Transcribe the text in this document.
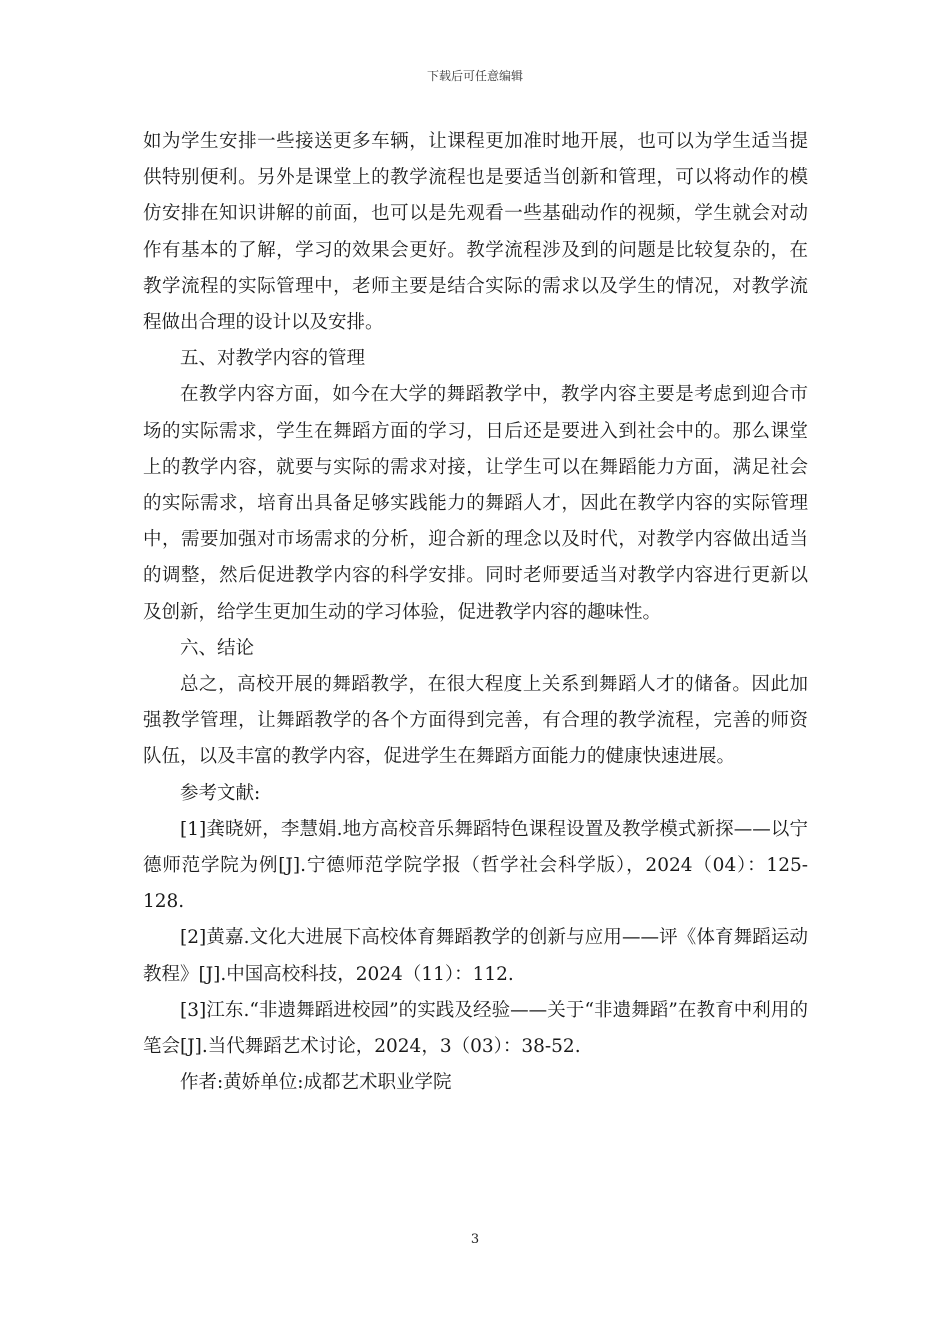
下载后可任意编辑

如为学生安排一些接送更多车辆，让课程更加准时地开展，也可以为学生适当提供特别便利。另外是课堂上的教学流程也是要适当创新和管理，可以将动作的模仿安排在知识讲解的前面，也可以是先观看一些基础动作的视频，学生就会对动作有基本的了解，学习的效果会更好。教学流程涉及到的问题是比较复杂的，在教学流程的实际管理中，老师主要是结合实际的需求以及学生的情况，对教学流程做出合理的设计以及安排。

五、对教学内容的管理

在教学内容方面，如今在大学的舞蹈教学中，教学内容主要是考虑到迎合市场的实际需求，学生在舞蹈方面的学习，日后还是要进入到社会中的。那么课堂上的教学内容，就要与实际的需求对接，让学生可以在舞蹈能力方面，满足社会的实际需求，培育出具备足够实践能力的舞蹈人才，因此在教学内容的实际管理中，需要加强对市场需求的分析，迎合新的理念以及时代，对教学内容做出适当的调整，然后促进教学内容的科学安排。同时老师要适当对教学内容进行更新以及创新，给学生更加生动的学习体验，促进教学内容的趣味性。

六、结论

总之，高校开展的舞蹈教学，在很大程度上关系到舞蹈人才的储备。因此加强教学管理，让舞蹈教学的各个方面得到完善，有合理的教学流程，完善的师资队伍，以及丰富的教学内容，促进学生在舞蹈方面能力的健康快速进展。

参考文献:

[1]龚晓妍，李慧娟.地方高校音乐舞蹈特色课程设置及教学模式新探——以宁德师范学院为例[J].宁德师范学院学报（哲学社会科学版），2024（04）：125-128.

[2]黄嘉.文化大进展下高校体育舞蹈教学的创新与应用——评《体育舞蹈运动教程》[J].中国高校科技，2024（11）：112.

[3]江东.“非遗舞蹈进校园”的实践及经验——关于“非遗舞蹈”在教育中利用的笔会[J].当代舞蹈艺术讨论，2024，3（03）：38-52.

作者:黄娇单位:成都艺术职业学院

3
